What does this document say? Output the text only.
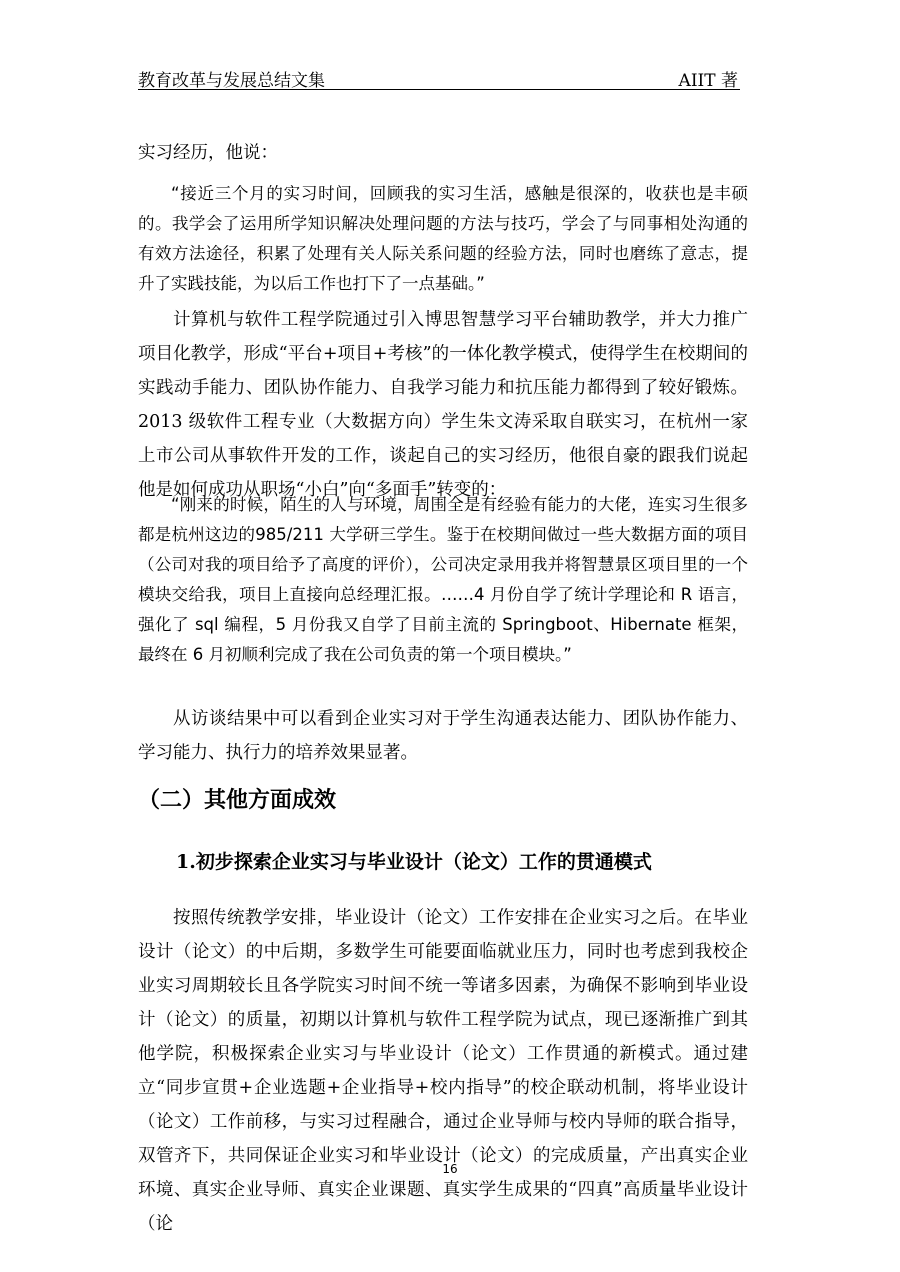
教育改革与发展总结文集	AIIT 著

实习经历，他说：

“接近三个月的实习时间，回顾我的实习生活，感触是很深的，收获也是丰硕的。我学会了运用所学知识解决处理问题的方法与技巧，学会了与同事相处沟通的有效方法途径，积累了处理有关人际关系问题的经验方法，同时也磨练了意志，提升了实践技能，为以后工作也打下了一点基础。”

计算机与软件工程学院通过引入博思智慧学习平台辅助教学，并大力推广项目化教学，形成“平台+项目+考核”的一体化教学模式，使得学生在校期间的实践动手能力、团队协作能力、自我学习能力和抗压能力都得到了较好锻炼。2013 级软件工程专业（大数据方向）学生朱文涛采取自联实习，在杭州一家上市公司从事软件开发的工作，谈起自己的实习经历，他很自豪的跟我们说起他是如何成功从职场“小白”向“多面手”转变的：

“刚来的时候，陌生的人与环境，周围全是有经验有能力的大佬，连实习生很多都是杭州这边的985/211 大学研三学生。鉴于在校期间做过一些大数据方面的项目（公司对我的项目给予了高度的评价），公司决定录用我并将智慧景区项目里的一个模块交给我，项目上直接向总经理汇报。……4 月份自学了统计学理论和 R 语言，强化了 sql 编程，5 月份我又自学了目前主流的 Springboot、Hibernate 框架，最终在 6 月初顺利完成了我在公司负责的第一个项目模块。”

从访谈结果中可以看到企业实习对于学生沟通表达能力、团队协作能力、学习能力、执行力的培养效果显著。

（二）其他方面成效
1.初步探索企业实习与毕业设计（论文）工作的贯通模式

按照传统教学安排，毕业设计（论文）工作安排在企业实习之后。在毕业设计（论文）的中后期，多数学生可能要面临就业压力，同时也考虑到我校企业实习周期较长且各学院实习时间不统一等诸多因素，为确保不影响到毕业设计（论文）的质量，初期以计算机与软件工程学院为试点，现已逐渐推广到其他学院，积极探索企业实习与毕业设计（论文）工作贯通的新模式。通过建立“同步宣贯+企业选题+企业指导+校内指导”的校企联动机制，将毕业设计（论文）工作前移，与实习过程融合，通过企业导师与校内导师的联合指导，双管齐下，共同保证企业实习和毕业设计（论文）的完成质量，产出真实企业环境、真实企业导师、真实企业课题、真实学生成果的“四真”高质量毕业设计（论

16
